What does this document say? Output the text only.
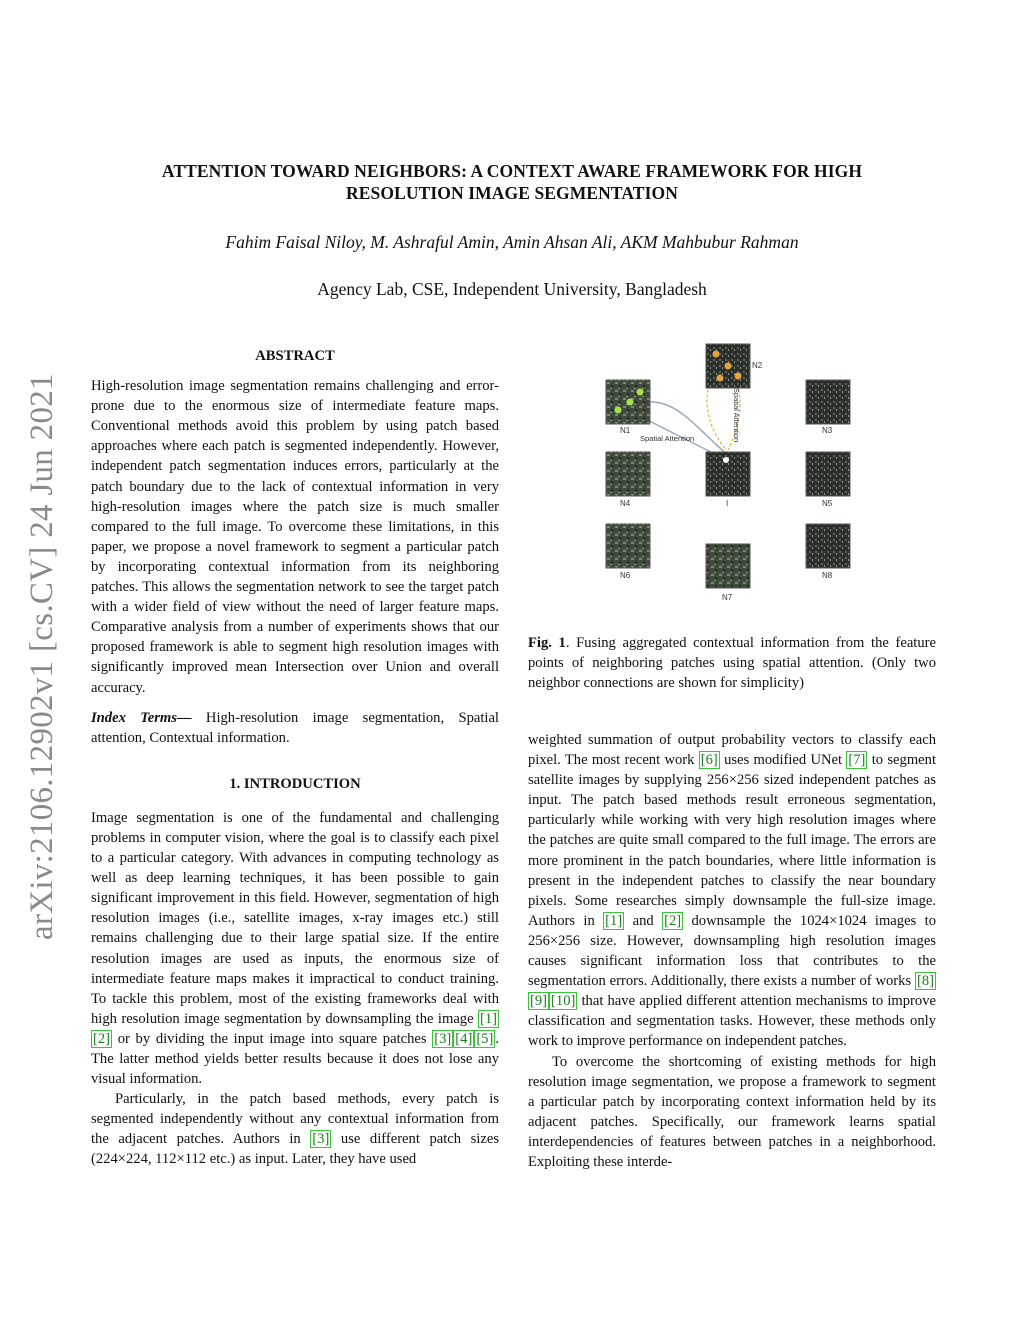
arXiv:2106.12902v1 [cs.CV] 24 Jun 2021
ATTENTION TOWARD NEIGHBORS: A CONTEXT AWARE FRAMEWORK FOR HIGH
RESOLUTION IMAGE SEGMENTATION
Fahim Faisal Niloy, M. Ashraful Amin, Amin Ahsan Ali, AKM Mahbubur Rahman
Agency Lab, CSE, Independent University, Bangladesh
ABSTRACT

High-resolution image segmentation remains challenging and error-prone due to the enormous size of intermediate feature maps. Conventional methods avoid this problem by using patch based approaches where each patch is segmented independently. However, independent patch segmentation induces errors, particularly at the patch boundary due to the lack of contextual information in very high-resolution images where the patch size is much smaller compared to the full image. To overcome these limitations, in this paper, we propose a novel framework to segment a particular patch by incorporating contextual information from its neighboring patches. This allows the segmentation network to see the target patch with a wider field of view without the need of larger feature maps. Comparative analysis from a number of experiments shows that our proposed framework is able to segment high resolution images with significantly improved mean Intersection over Union and overall accuracy.

Index Terms— High-resolution image segmentation, Spatial attention, Contextual information.

1. INTRODUCTION

Image segmentation is one of the fundamental and challenging problems in computer vision, where the goal is to classify each pixel to a particular category. With advances in computing technology as well as deep learning techniques, it has been possible to gain significant improvement in this field. However, segmentation of high resolution images (i.e., satellite images, x-ray images etc.) still remains challenging due to their large spatial size. If the entire resolution images are used as inputs, the enormous size of intermediate feature maps makes it impractical to conduct training. To tackle this problem, most of the existing frameworks deal with high resolution image segmentation by downsampling the image [1][2] or by dividing the input image into square patches [3] [4] [5] . The latter method yields better results because it does not lose any visual information.

Particularly, in the patch based methods, every patch is segmented independently without any contextual information from the adjacent patches. Authors in [3] use different patch sizes (224×224, 112×112 etc.) as input. Later, they have used

N1
N2
N3
N4	I	N5
N6
N7
N8
Spatial Attention	Spatial Attention

Fig. 1. Fusing aggregated contextual information from the feature points of neighboring patches using spatial attention. (Only two neighbor connections are shown for simplicity)

weighted summation of output probability vectors to classify each pixel. The most recent work [6] uses modified UNet [7] to segment satellite images by supplying 256×256 sized independent patches as input. The patch based methods result erroneous segmentation, particularly while working with very high resolution images where the patches are quite small compared to the full image. The errors are more prominent in the patch boundaries, where little information is present in the independent patches to classify the near boundary pixels. Some researches simply downsample the full-size image. Authors in [1] and [2] downsample the 1024×1024 images to 256×256 size. However, downsampling high resolution images causes significant information loss that contributes to the segmentation errors. Additionally, there exists a number of works [8][9] [10] that have applied different attention mechanisms to improve classification and segmentation tasks. However, these methods only work to improve performance on independent patches.

To overcome the shortcoming of existing methods for high resolution image segmentation, we propose a framework to segment a particular patch by incorporating context information held by its adjacent patches. Specifically, our framework learns spatial interdependencies of features between patches in a neighborhood. Exploiting these interde-
